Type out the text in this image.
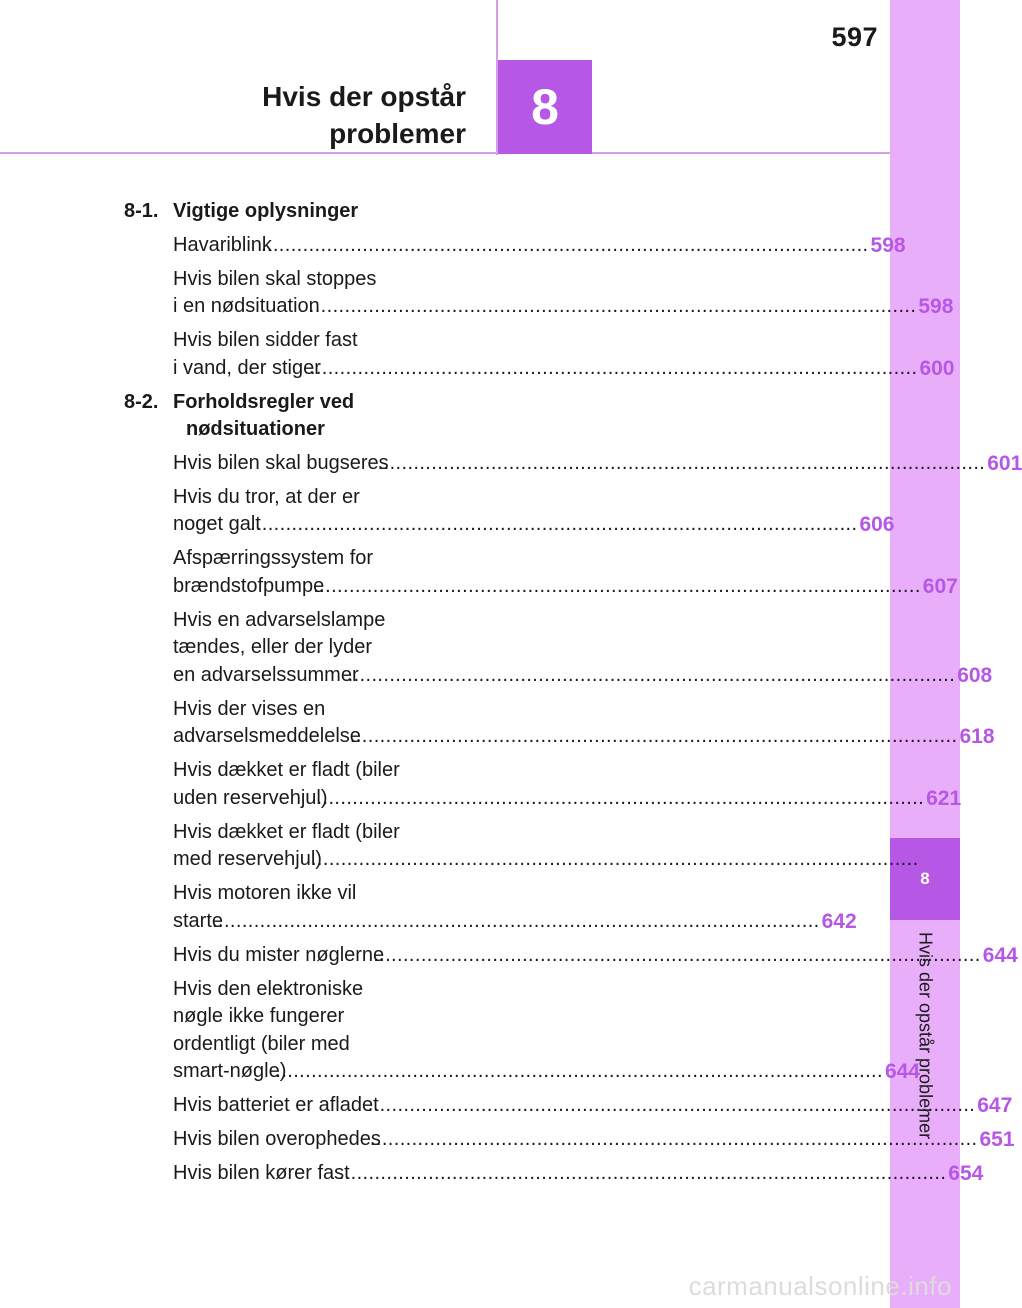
597
Hvis der opstår
problemer	8
8
Hvis der opstår problemer
8-1. Vigtige oplysninger
Havariblink .....	598
Hvis bilen skal stoppes
i en nødsituation .....	598
Hvis bilen sidder fast
i vand, der stiger .....	600
8-2. Forholdsregler ved
nødsituationer
Hvis bilen skal bugseres .....	601
Hvis du tror, at der er
noget galt .....	606
Afspærringssystem for
brændstofpumpe .....	607
Hvis en advarselslampe
tændes, eller der lyder
en advarselssummer .....	608
Hvis der vises en
advarselsmeddelelse .....	618
Hvis dækket er fladt (biler
uden reservehjul) .....	621
Hvis dækket er fladt (biler
med reservehjul) .....	632
Hvis motoren ikke vil
starte .....	642
Hvis du mister nøglerne .....	644
Hvis den elektroniske
nøgle ikke fungerer
ordentligt (biler med
smart-nøgle) .....	644
Hvis batteriet er afladet .....	647
Hvis bilen overophedes .....	651
Hvis bilen kører fast .....	654
carmanualsonline.info
